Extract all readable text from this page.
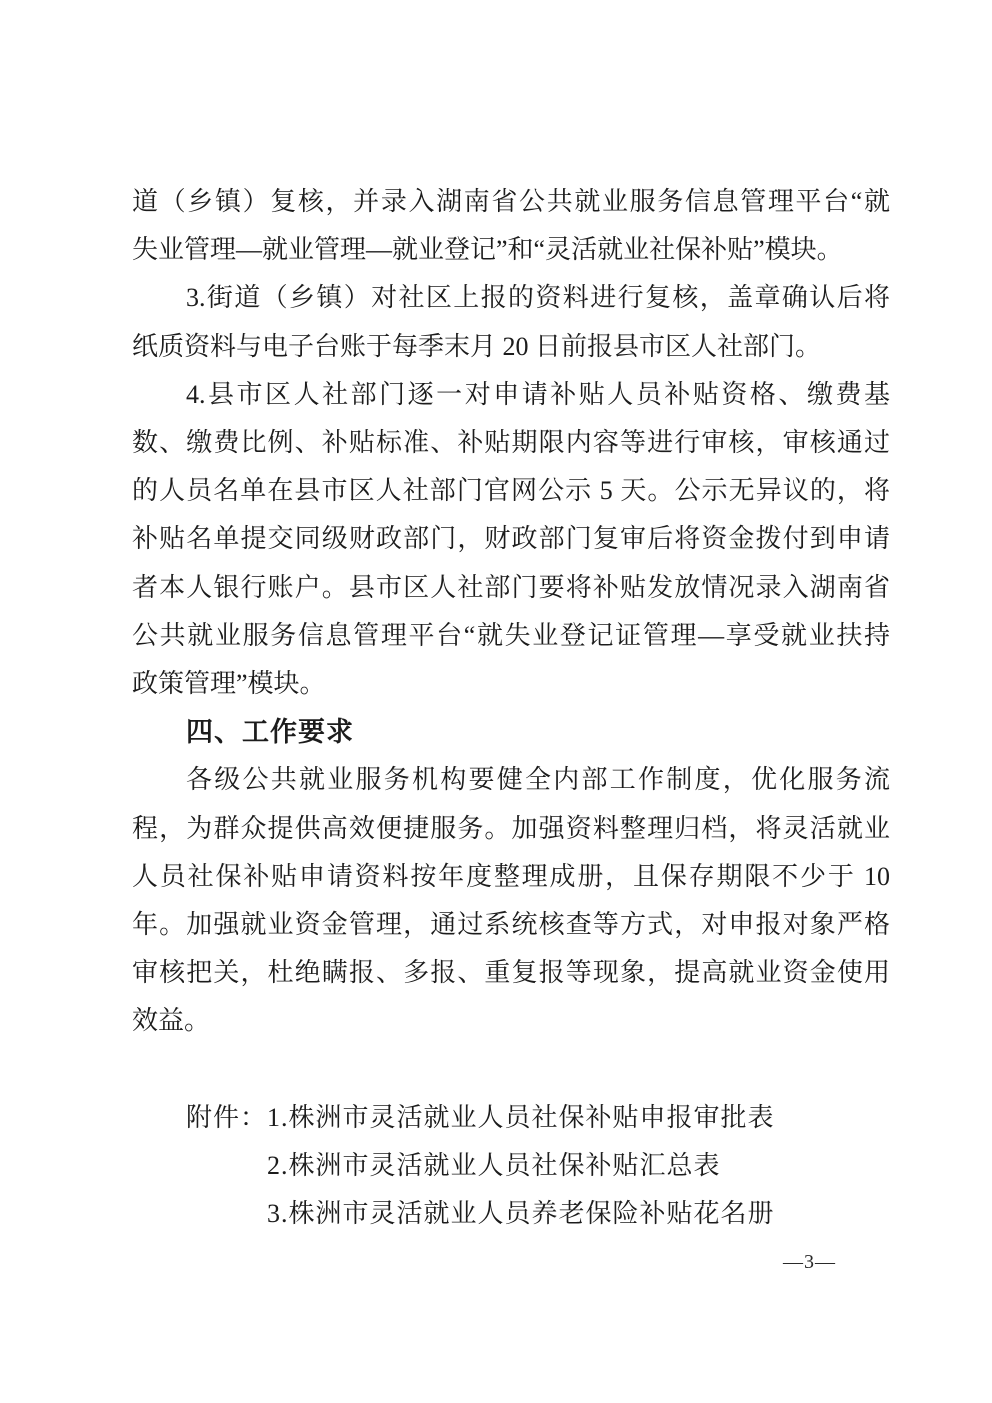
道（乡镇）复核，并录入湖南省公共就业服务信息管理平台“就
失业管理—就业管理—就业登记”和“灵活就业社保补贴”模块。
3.街道（乡镇）对社区上报的资料进行复核，盖章确认后将
纸质资料与电子台账于每季末月 20 日前报县市区人社部门。
4.县市区人社部门逐一对申请补贴人员补贴资格、缴费基
数、缴费比例、补贴标准、补贴期限内容等进行审核，审核通过
的人员名单在县市区人社部门官网公示 5 天。公示无异议的，将
补贴名单提交同级财政部门，财政部门复审后将资金拨付到申请
者本人银行账户。县市区人社部门要将补贴发放情况录入湖南省
公共就业服务信息管理平台“就失业登记证管理—享受就业扶持
政策管理”模块。
四、工作要求
各级公共就业服务机构要健全内部工作制度，优化服务流
程，为群众提供高效便捷服务。加强资料整理归档，将灵活就业
人员社保补贴申请资料按年度整理成册，且保存期限不少于 10
年。加强就业资金管理，通过系统核查等方式，对申报对象严格
审核把关，杜绝瞒报、多报、重复报等现象，提高就业资金使用
效益。
附件：1.株洲市灵活就业人员社保补贴申报审批表
2.株洲市灵活就业人员社保补贴汇总表
3.株洲市灵活就业人员养老保险补贴花名册
—3—
